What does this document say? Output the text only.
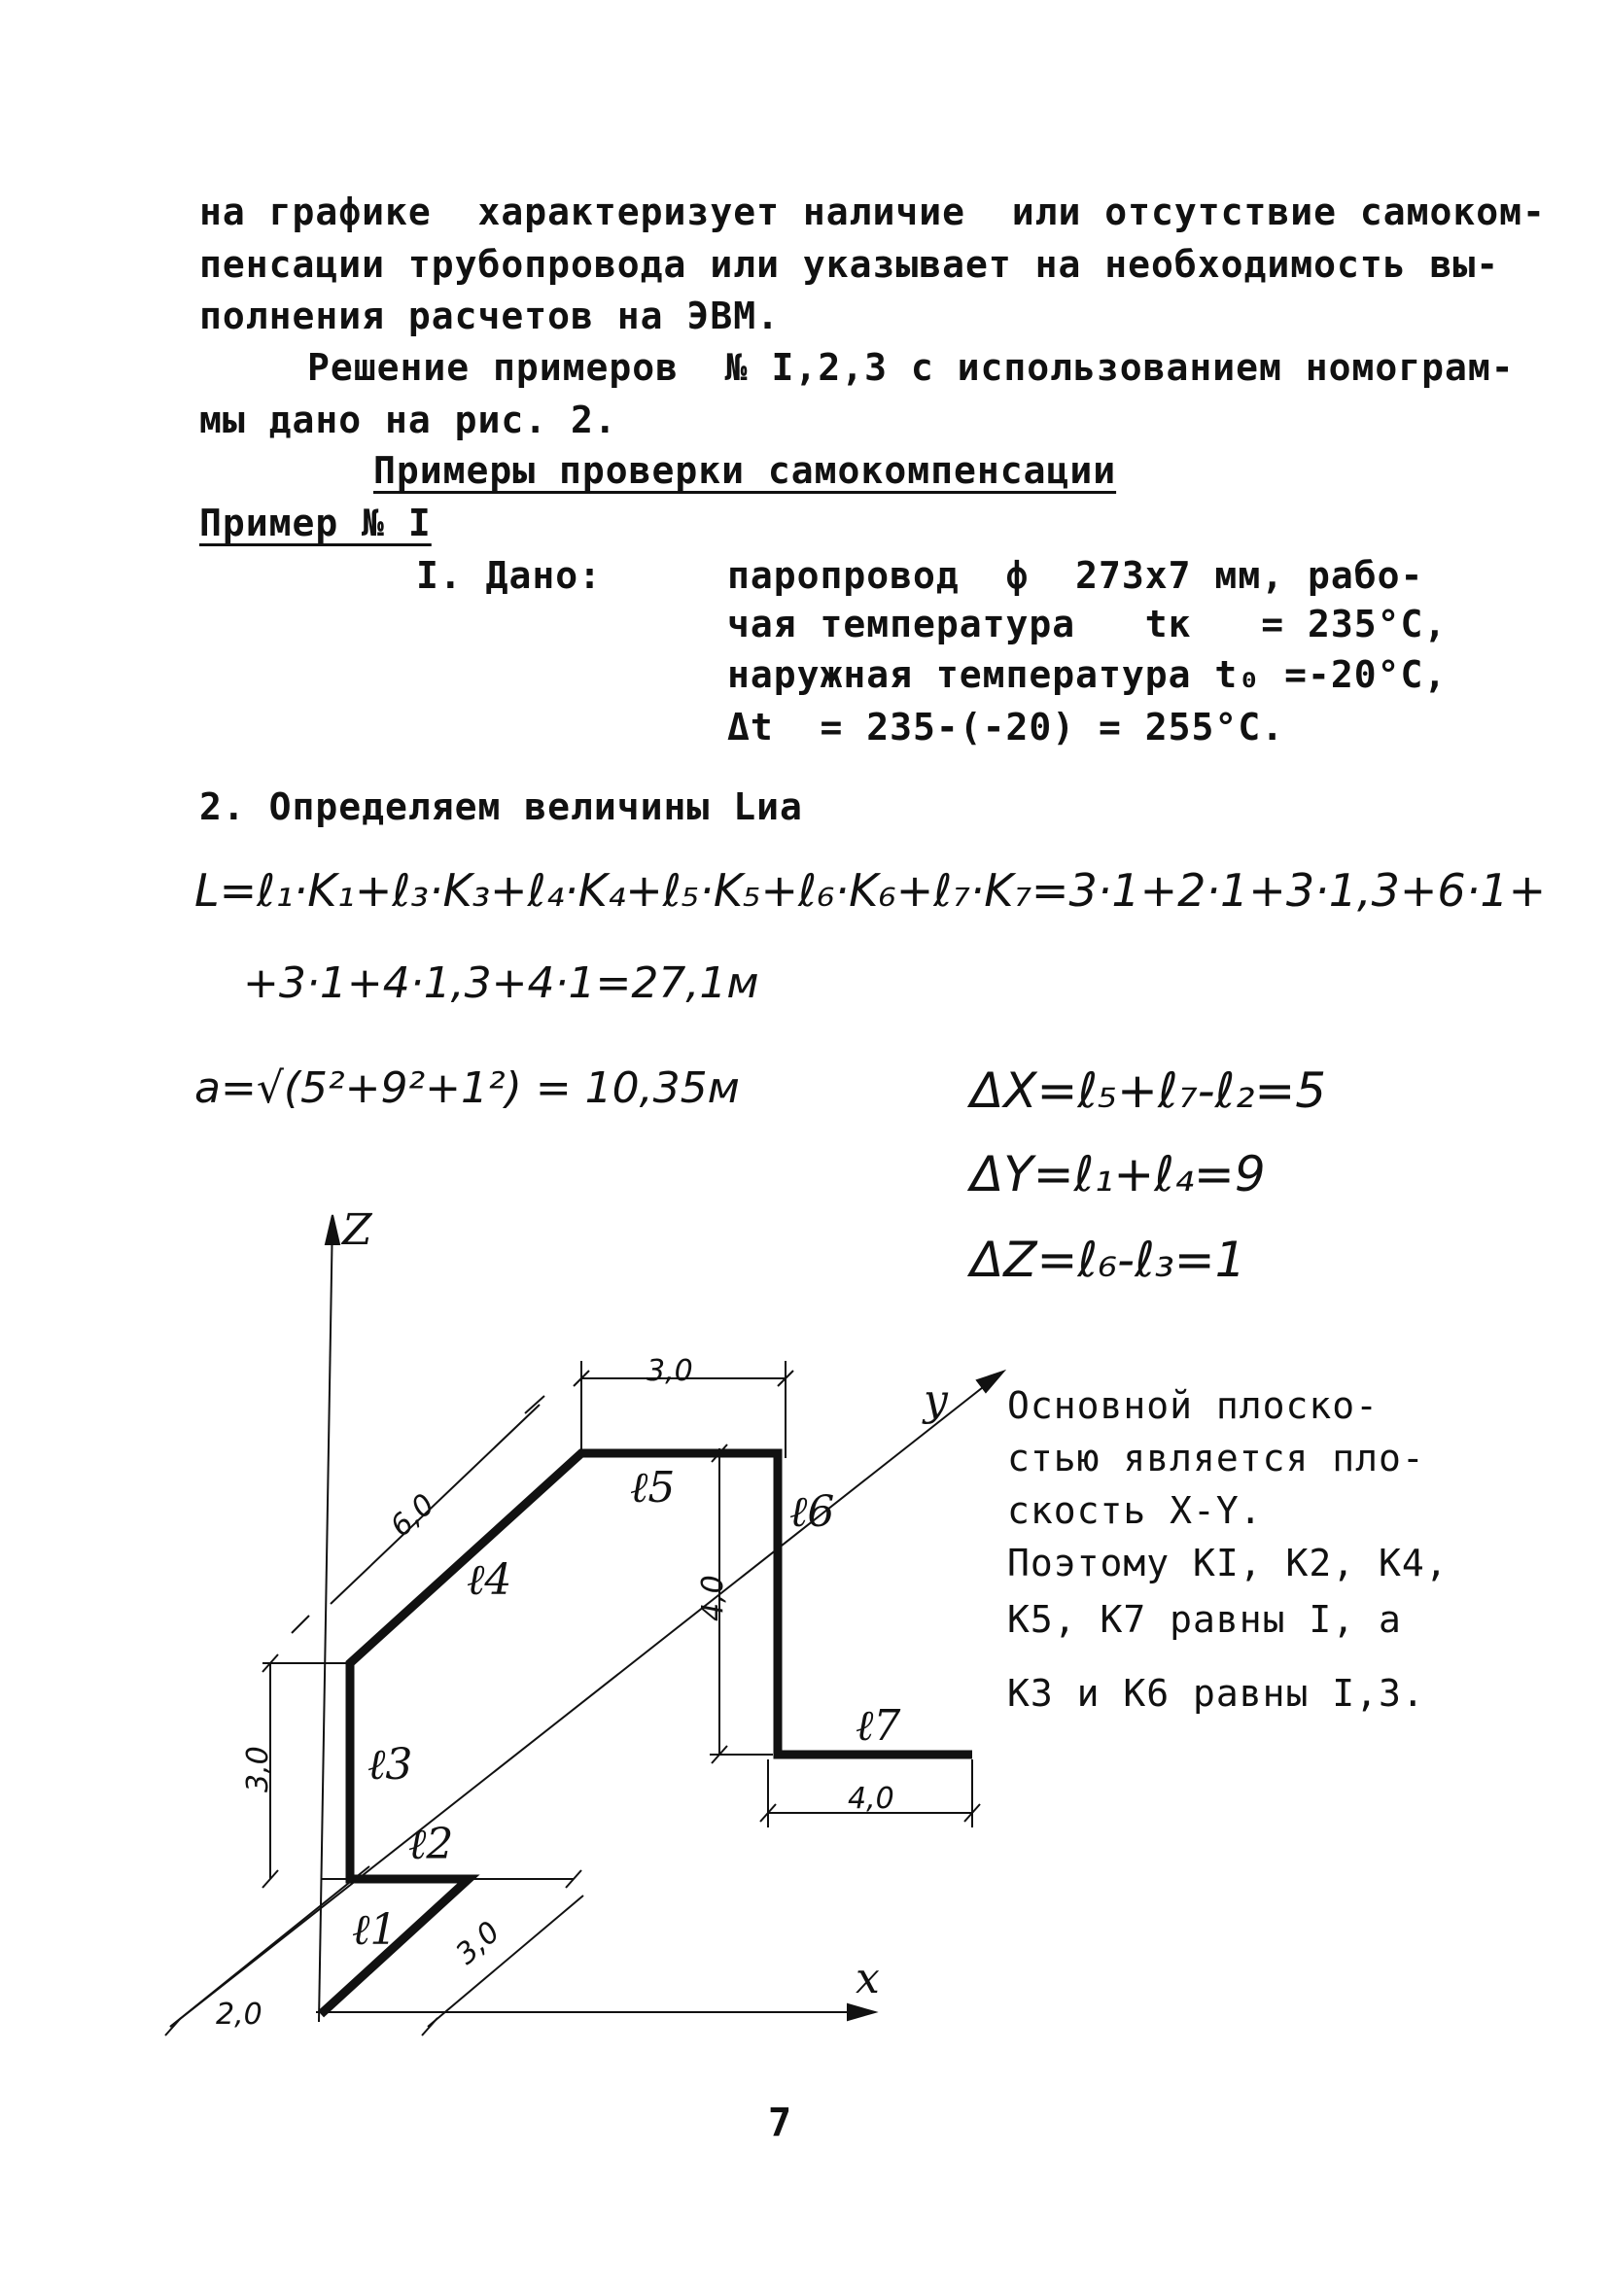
на графике  характеризует наличие  или отсутствие самоком-
пенсации трубопровода или указывает на необходимость вы-
полнения расчетов на ЭВМ.
Решение примеров  № I,2,3 с использованием номограм-
мы дано на рис. 2.
Примеры проверки самокомпенсации
Пример № I
I. Дано:	паропровод  ф  273х7 мм, рабо-
чая температура   tк   = 235°C,
наружная температура t₀ =-20°C,
Δt  = 235-(-20) = 255°C.
2. Определяем величины Lиa
L=ℓ₁·K₁+ℓ₃·K₃+ℓ₄·K₄+ℓ₅·K₅+ℓ₆·K₆+ℓ₇·K₇=3·1+2·1+3·1,3+6·1+
+3·1+4·1,3+4·1=27,1м
a=√(5²+9²+1²) = 10,35м	ΔX=ℓ₅+ℓ₇-ℓ₂=5
ΔY=ℓ₁+ℓ₄=9
ΔZ=ℓ₆-ℓ₃=1
Основной плоско-
стью является пло-
скость X-Y.
Поэтому KI, K2, K4,
K5, K7 равны I, а
K3 и K6 равны I,3.
Z
y
x
3,0
6,0
4,0
3,0
4,0
3,0
2,0
ℓ1
ℓ2
ℓ3
ℓ4
ℓ5	ℓ6
ℓ7
7
